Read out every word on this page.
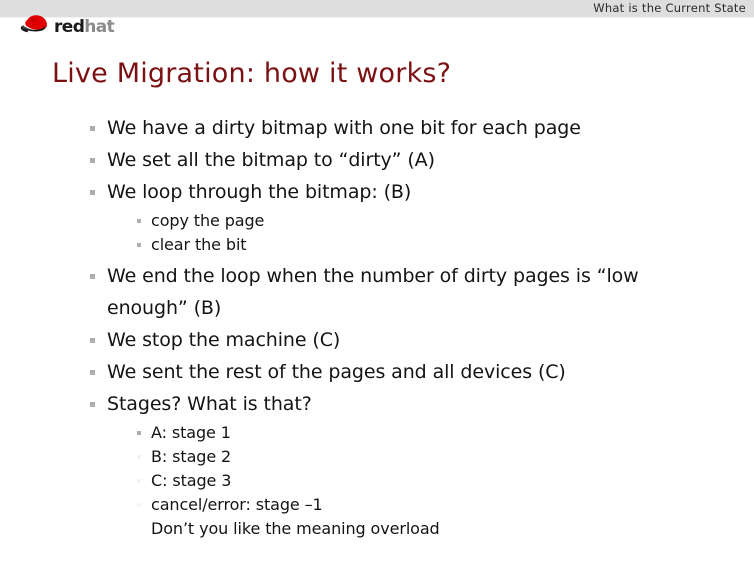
What is the Current State
redhat
Live Migration: how it works?
We have a dirty bitmap with one bit for each page
We set all the bitmap to “dirty” (A)
We loop through the bitmap: (B)
copy the page
clear the bit
We end the loop when the number of dirty pages is “low enough” (B)
We stop the machine (C)
We sent the rest of the pages and all devices (C)
Stages? What is that?
A: stage 1
B: stage 2
C: stage 3
cancel/error: stage –1
Don’t you like the meaning overload
